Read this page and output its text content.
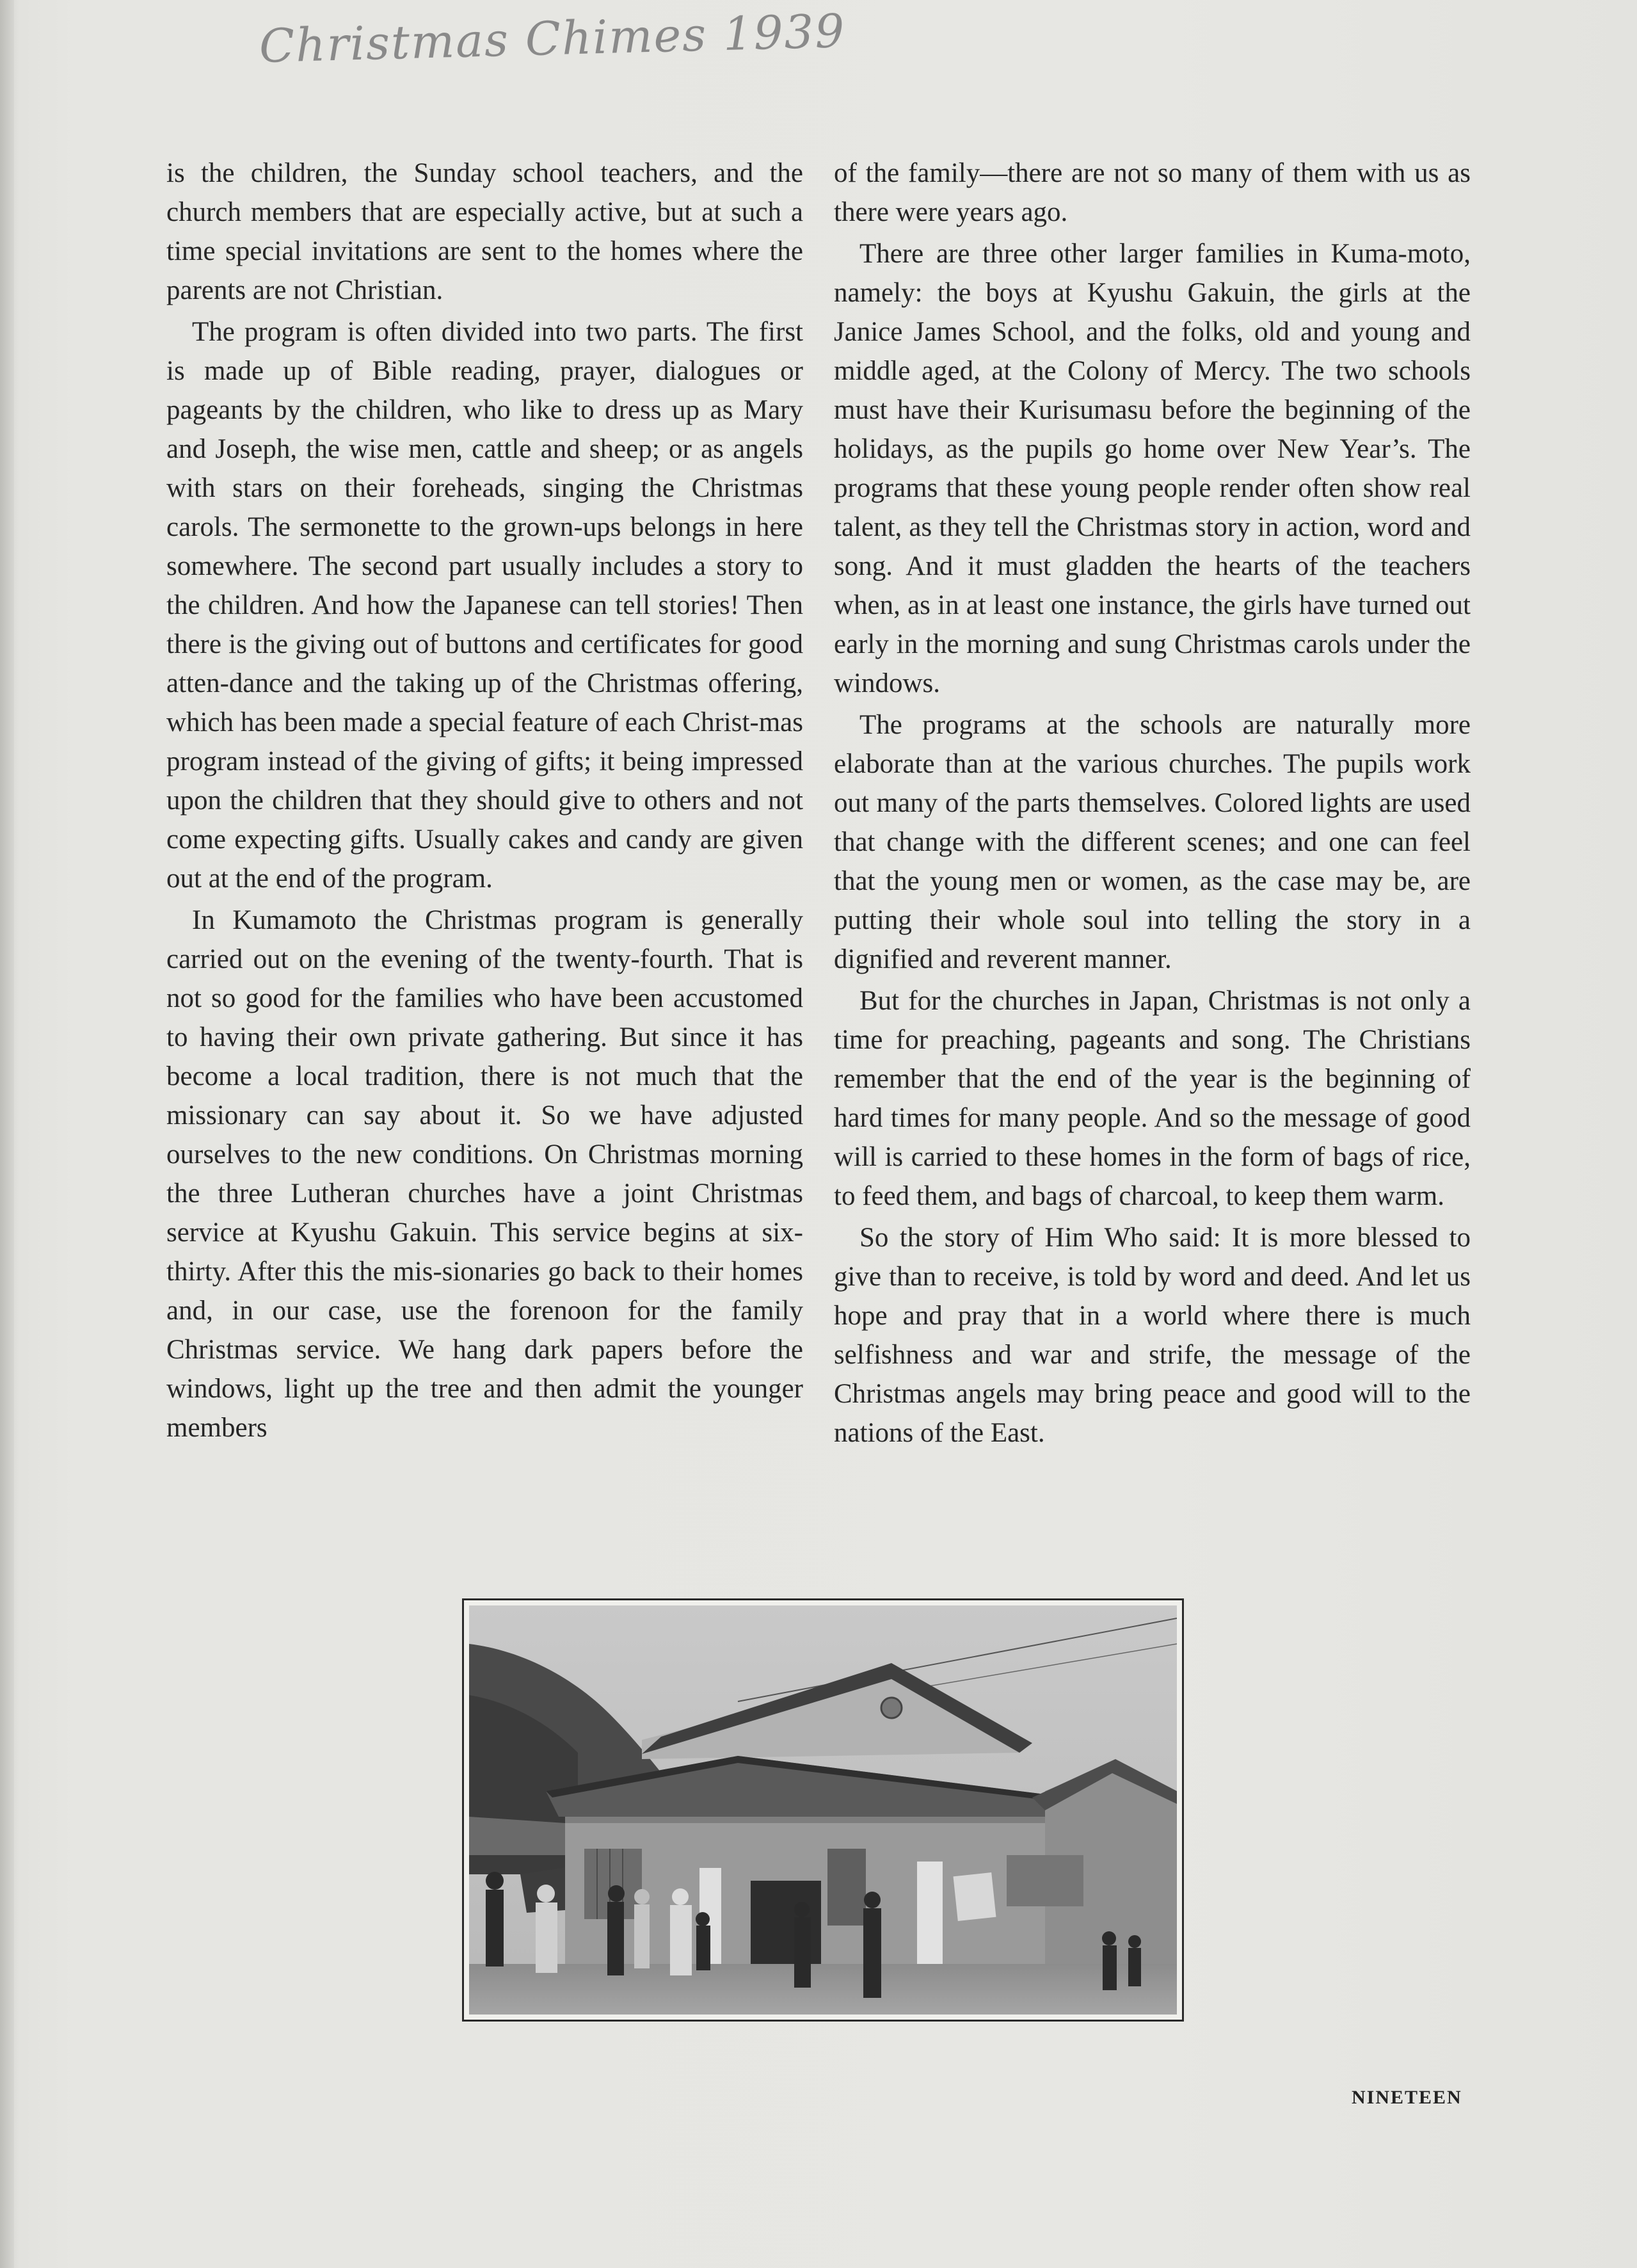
Christmas Chimes 1939

is the children, the Sunday school teachers, and the church members that are especially active, but at such a time special invitations are sent to the homes where the parents are not Christian.

The program is often divided into two parts. The first is made up of Bible reading, prayer, dialogues or pageants by the children, who like to dress up as Mary and Joseph, the wise men, cattle and sheep; or as angels with stars on their foreheads, singing the Christmas carols. The sermonette to the grown-ups belongs in here somewhere. The second part usually includes a story to the children. And how the Japanese can tell stories! Then there is the giving out of buttons and certificates for good atten-dance and the taking up of the Christmas offering, which has been made a special feature of each Christ-mas program instead of the giving of gifts; it being impressed upon the children that they should give to others and not come expecting gifts. Usually cakes and candy are given out at the end of the program.

In Kumamoto the Christmas program is generally carried out on the evening of the twenty-fourth. That is not so good for the families who have been accustomed to having their own private gathering. But since it has become a local tradition, there is not much that the missionary can say about it. So we have adjusted ourselves to the new conditions. On Christmas morning the three Lutheran churches have a joint Christmas service at Kyushu Gakuin. This service begins at six-thirty. After this the mis-sionaries go back to their homes and, in our case, use the forenoon for the family Christmas service. We hang dark papers before the windows, light up the tree and then admit the younger members

of the family—there are not so many of them with us as there were years ago.

There are three other larger families in Kuma-moto, namely: the boys at Kyushu Gakuin, the girls at the Janice James School, and the folks, old and young and middle aged, at the Colony of Mercy. The two schools must have their Kurisumasu before the beginning of the holidays, as the pupils go home over New Year’s. The programs that these young people render often show real talent, as they tell the Christmas story in action, word and song. And it must gladden the hearts of the teachers when, as in at least one instance, the girls have turned out early in the morning and sung Christmas carols under the windows.

The programs at the schools are naturally more elaborate than at the various churches. The pupils work out many of the parts themselves. Colored lights are used that change with the different scenes; and one can feel that the young men or women, as the case may be, are putting their whole soul into telling the story in a dignified and reverent manner.

But for the churches in Japan, Christmas is not only a time for preaching, pageants and song. The Christians remember that the end of the year is the beginning of hard times for many people. And so the message of good will is carried to these homes in the form of bags of rice, to feed them, and bags of charcoal, to keep them warm.

So the story of Him Who said: It is more blessed to give than to receive, is told by word and deed. And let us hope and pray that in a world where there is much selfishness and war and strife, the message of the Christmas angels may bring peace and good will to the nations of the East.

NINETEEN
